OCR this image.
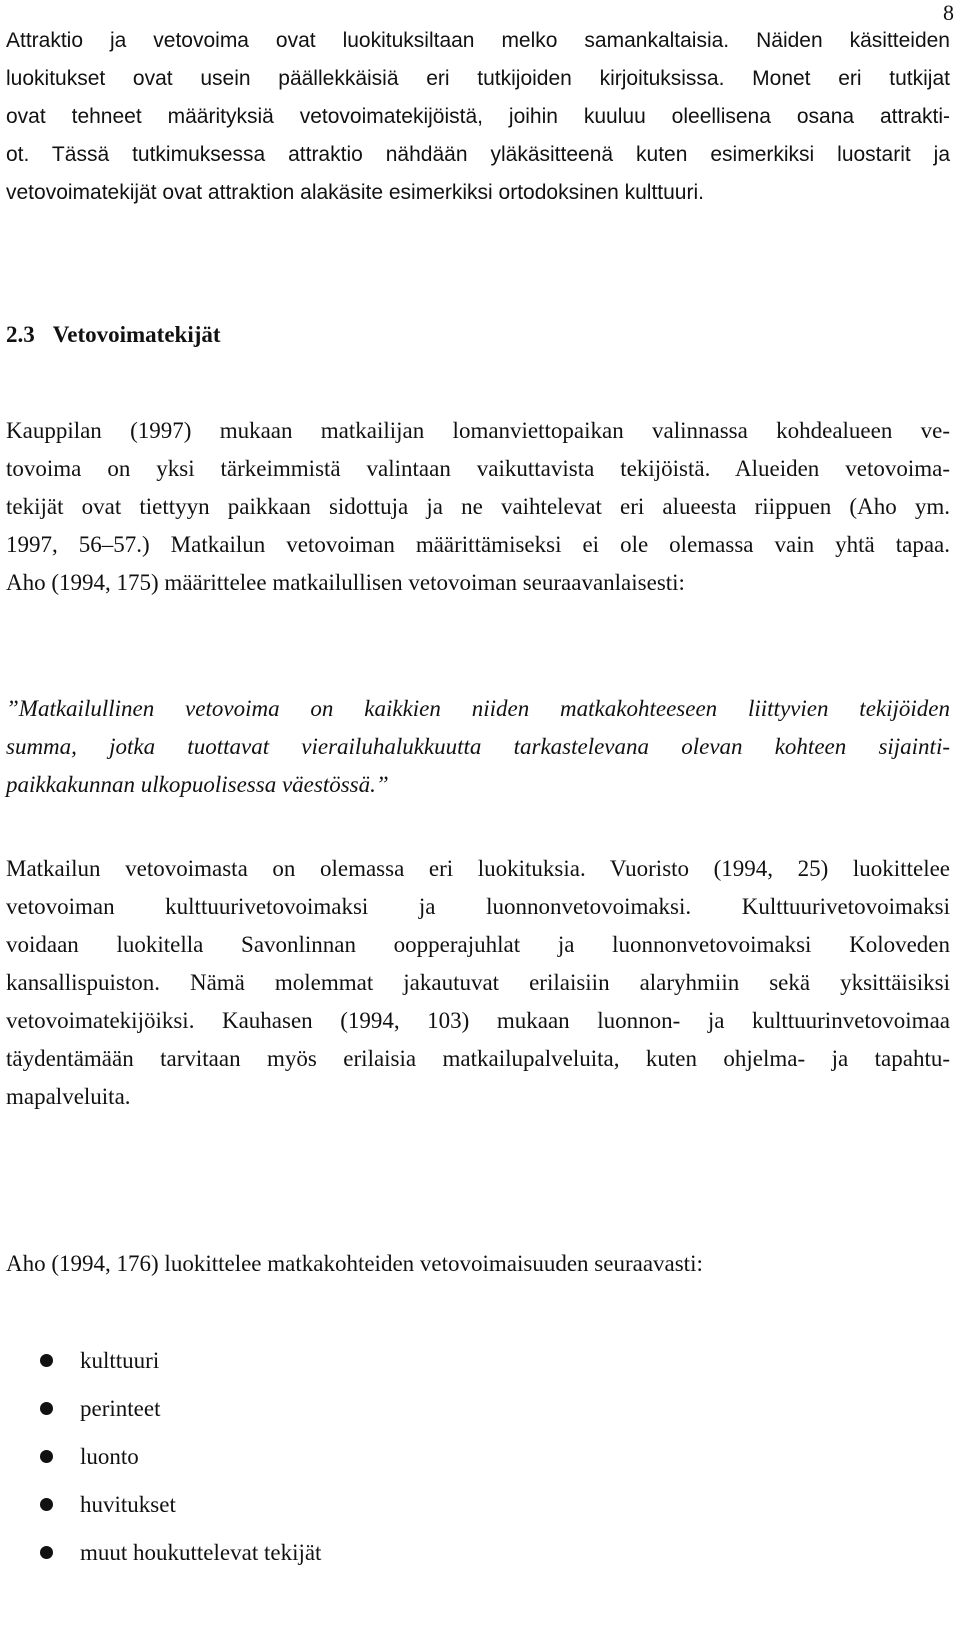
8
Attraktio ja vetovoima ovat luokituksiltaan melko samankaltaisia. Näiden käsitteiden
luokitukset ovat usein päällekkäisiä eri tutkijoiden kirjoituksissa. Monet eri tutkijat
ovat tehneet määrityksiä vetovoimatekijöistä, joihin kuuluu oleellisena osana attrakti-
ot. Tässä tutkimuksessa attraktio nähdään yläkäsitteenä kuten esimerkiksi luostarit ja
vetovoimatekijät ovat attraktion alakäsite esimerkiksi ortodoksinen kulttuuri.
2.3 Vetovoimatekijät
Kauppilan (1997) mukaan matkailijan lomanviettopaikan valinnassa kohdealueen ve-
tovoima on yksi tärkeimmistä valintaan vaikuttavista tekijöistä. Alueiden vetovoima-
tekijät ovat tiettyyn paikkaan sidottuja ja ne vaihtelevat eri alueesta riippuen (Aho ym.
1997, 56–57.) Matkailun vetovoiman määrittämiseksi ei ole olemassa vain yhtä tapaa.
Aho (1994, 175) määrittelee matkailullisen vetovoiman seuraavanlaisesti:
”Matkailullinen vetovoima on kaikkien niiden matkakohteeseen liittyvien tekijöiden
summa, jotka tuottavat vierailuhalukkuutta tarkastelevana olevan kohteen sijainti-
paikkakunnan ulkopuolisessa väestössä.”
Matkailun vetovoimasta on olemassa eri luokituksia. Vuoristo (1994, 25) luokittelee
vetovoiman kulttuurivetovoimaksi ja luonnonvetovoimaksi. Kulttuurivetovoimaksi
voidaan luokitella Savonlinnan oopperajuhlat ja luonnonvetovoimaksi Koloveden
kansallispuiston. Nämä molemmat jakautuvat erilaisiin alaryhmiin sekä yksittäisiksi
vetovoimatekijöiksi. Kauhasen (1994, 103) mukaan luonnon- ja kulttuurinvetovoimaa
täydentämään tarvitaan myös erilaisia matkailupalveluita, kuten ohjelma- ja tapahtu-
mapalveluita.
Aho (1994, 176) luokittelee matkakohteiden vetovoimaisuuden seuraavasti:
kulttuuri
perinteet
luonto
huvitukset
muut houkuttelevat tekijät
